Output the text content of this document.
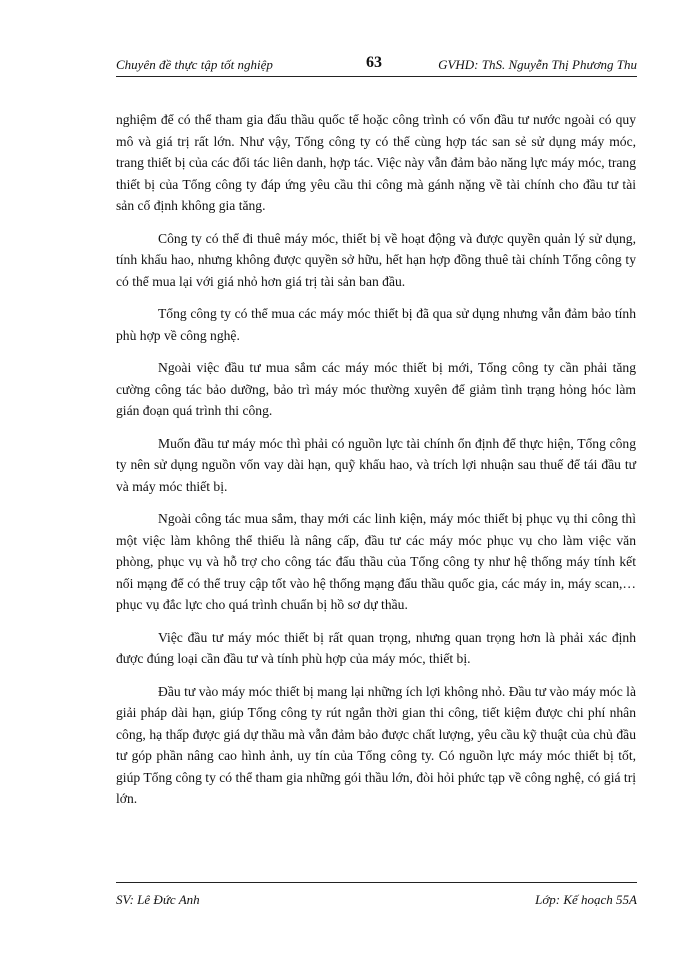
Chuyên đề thực tập tốt nghiệp	63	GVHD: ThS. Nguyễn Thị Phương Thu

nghiệm để có thể tham gia đấu thầu quốc tế hoặc công trình có vốn đầu tư nước ngoài có quy mô và giá trị rất lớn. Như vậy, Tổng công ty có thể cùng hợp tác san sẻ sử dụng máy móc, trang thiết bị của các đối tác liên danh, hợp tác. Việc này vẫn đảm bảo năng lực máy móc, trang thiết bị của Tổng công ty đáp ứng yêu cầu thi công mà gánh nặng về tài chính cho đầu tư tài sản cố định không gia tăng.

Công ty có thể đi thuê máy móc, thiết bị về hoạt động và được quyền quản lý sử dụng, tính khấu hao, nhưng không được quyền sở hữu, hết hạn hợp đồng thuê tài chính Tổng công ty có thể mua lại với giá nhỏ hơn giá trị tài sản ban đầu.

Tổng công ty có thể mua các máy móc thiết bị đã qua sử dụng nhưng vẫn đảm bảo tính phù hợp về công nghệ.

Ngoài việc đầu tư mua sắm các máy móc thiết bị mới, Tổng công ty cần phải tăng cường công tác bảo dưỡng, bảo trì máy móc thường xuyên để giảm tình trạng hỏng hóc làm gián đoạn quá trình thi công.

Muốn đầu tư máy móc thì phải có nguồn lực tài chính ổn định để thực hiện, Tổng công ty nên sử dụng nguồn vốn vay dài hạn, quỹ khấu hao, và trích lợi nhuận sau thuế để tái đầu tư và máy móc thiết bị.

Ngoài công tác mua sắm, thay mới các linh kiện, máy móc thiết bị phục vụ thi công thì một việc làm không thể thiếu là nâng cấp, đầu tư các máy móc phục vụ cho làm việc văn phòng, phục vụ và hỗ trợ cho công tác đấu thầu của Tổng công ty như hệ thống máy tính kết nối mạng để có thể truy cập tốt vào hệ thống mạng đấu thầu quốc gia, các máy in, máy scan,…phục vụ đắc lực cho quá trình chuẩn bị hồ sơ dự thầu.

Việc đầu tư máy móc thiết bị rất quan trọng, nhưng quan trọng hơn là phải xác định được đúng loại cần đầu tư và tính phù hợp của máy móc, thiết bị.

Đầu tư vào máy móc thiết bị mang lại những ích lợi không nhỏ. Đầu tư vào máy móc là giải pháp dài hạn, giúp Tổng công ty rút ngắn thời gian thi công, tiết kiệm được chi phí nhân công, hạ thấp được giá dự thầu mà vẫn đảm bảo được chất lượng, yêu cầu kỹ thuật của chủ đầu tư góp phần nâng cao hình ảnh, uy tín của Tổng công ty. Có nguồn lực máy móc thiết bị tốt, giúp Tổng công ty có thể tham gia những gói thầu lớn, đòi hỏi phức tạp về công nghệ, có giá trị lớn.

SV: Lê Đức Anh	Lớp: Kế hoạch 55A
